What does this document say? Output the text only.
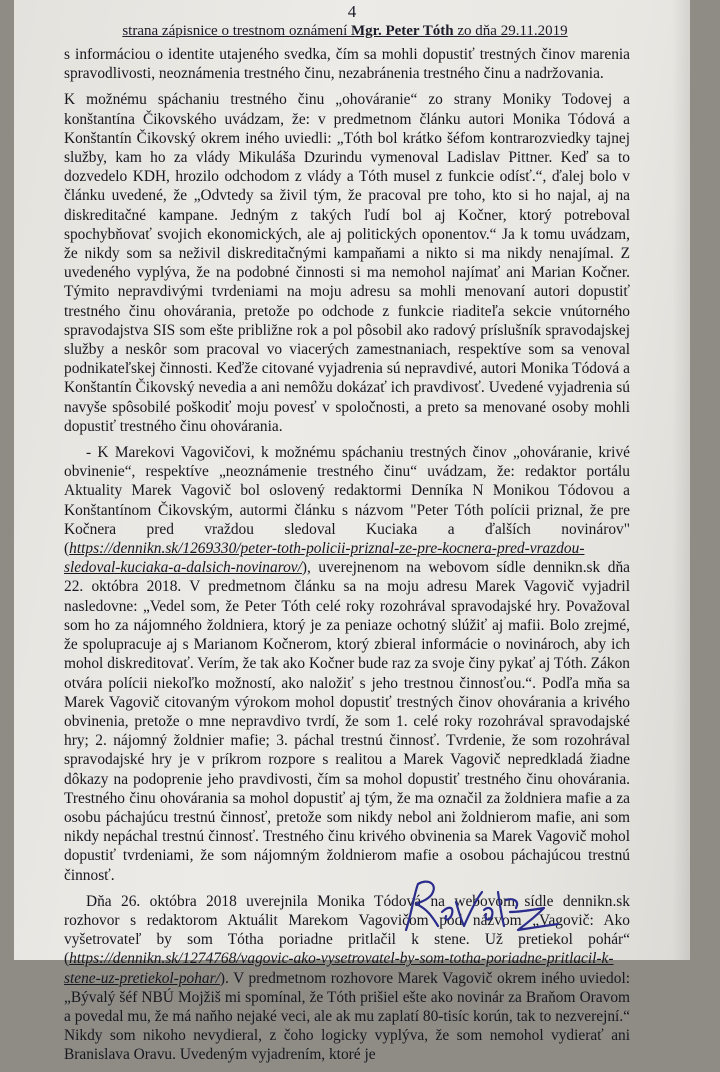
4
strana zápisnice o trestnom oznámení Mgr. Peter Tóth zo dňa 29.11.2019

s informáciou o identite utajeného svedka, čím sa mohli dopustiť trestných činov marenia spravodlivosti, neoznámenia trestného činu, nezabránenia trestného činu a nadržovania.

K možnému spáchaniu trestného činu „ohováranie“ zo strany Moniky Todovej a konštantína Čikovského uvádzam, že: v predmetnom článku autori Monika Tódová a Konštantín Čikovský okrem iného uviedli: „Tóth bol krátko šéfom kontrarozviedky tajnej služby, kam ho za vlády Mikuláša Dzurindu vymenoval Ladislav Pittner. Keď sa to dozvedelo KDH, hrozilo odchodom z vlády a Tóth musel z funkcie odísť.“, ďalej bolo v článku uvedené, že „Odvtedy sa živil tým, že pracoval pre toho, kto si ho najal, aj na diskreditačné kampane. Jedným z takých ľudí bol aj Kočner, ktorý potreboval spochybňovať svojich ekonomických, ale aj politických oponentov.“ Ja k tomu uvádzam, že nikdy som sa neživil diskreditačnými kampaňami a nikto si ma nikdy nenajímal. Z uvedeného vyplýva, že na podobné činnosti si ma nemohol najímať ani Marian Kočner. Týmito nepravdivými tvrdeniami na moju adresu sa mohli menovaní autori dopustiť trestného činu ohovárania, pretože po odchode z funkcie riaditeľa sekcie vnútorného spravodajstva SIS som ešte približne rok a pol pôsobil ako radový príslušník spravodajskej služby a neskôr som pracoval vo viacerých zamestnaniach, respektíve som sa venoval podnikateľskej činnosti. Keďže citované vyjadrenia sú nepravdivé, autori Monika Tódová a Konštantín Čikovský nevedia a ani nemôžu dokázať ich pravdivosť. Uvedené vyjadrenia sú navyše spôsobilé poškodiť moju povesť v spoločnosti, a preto sa menované osoby mohli dopustiť trestného činu ohovárania.

- K Marekovi Vagovičovi, k možnému spáchaniu trestných činov „ohováranie, krivé obvinenie“, respektíve „neoznámenie trestného činu“ uvádzam, že: redaktor portálu Aktuality Marek Vagovič bol oslovený redaktormi Denníka N Monikou Tódovou a Konštantínom Čikovským, autormi článku s názvom "Peter Tóth polícii priznal, že pre Kočnera pred vraždou sledoval Kuciaka a ďalších novinárov" (https://dennikn.sk/1269330/peter-toth-policii-priznal-ze-pre-kocnera-pred-vrazdou-sledoval-kuciaka-a-dalsich-novinarov/), uverejnenom na webovom sídle dennikn.sk dňa 22. októbra 2018. V predmetnom článku sa na moju adresu Marek Vagovič vyjadril nasledovne: „Vedel som, že Peter Tóth celé roky rozohrával spravodajské hry. Považoval som ho za nájomného žoldniera, ktorý je za peniaze ochotný slúžiť aj mafii. Bolo zrejmé, že spolupracuje aj s Marianom Kočnerom, ktorý zbieral informácie o novinároch, aby ich mohol diskreditovať. Verím, že tak ako Kočner bude raz za svoje činy pykať aj Tóth. Zákon otvára polícii niekoľko možností, ako naložiť s jeho trestnou činnosťou.“. Podľa mňa sa Marek Vagovič citovaným výrokom mohol dopustiť trestných činov ohovárania a krivého obvinenia, pretože o mne nepravdivo tvrdí, že som 1. celé roky rozohrával spravodajské hry; 2. nájomný žoldnier mafie; 3. páchal trestnú činnosť. Tvrdenie, že som rozohrával spravodajské hry je v príkrom rozpore s realitou a Marek Vagovič nepredkladá žiadne dôkazy na podoprenie jeho pravdivosti, čím sa mohol dopustiť trestného činu ohovárania. Trestného činu ohovárania sa mohol dopustiť aj tým, že ma označil za žoldniera mafie a za osobu páchajúcu trestnú činnosť, pretože som nikdy nebol ani žoldnierom mafie, ani som nikdy nepáchal trestnú činnosť. Trestného činu krivého obvinenia sa Marek Vagovič mohol dopustiť tvrdeniami, že som nájomným žoldnierom mafie a osobou páchajúcou trestnú činnosť.

Dňa 26. októbra 2018 uverejnila Monika Tódová na webovom sídle dennikn.sk rozhovor s redaktorom Aktuálit Marekom Vagovičom pod názvom „Vagovič: Ako vyšetrovateľ by som Tótha poriadne pritlačil k stene. Už pretiekol pohár“ (https://dennikn.sk/1274768/vagovic-ako-vysetrovatel-by-som-totha-poriadne-pritlacil-k-stene-uz-pretiekol-pohar/). V predmetnom rozhovore Marek Vagovič okrem iného uviedol: „Bývalý šéf NBÚ Mojžiš mi spomínal, že Tóth prišiel ešte ako novinár za Braňom Oravom a povedal mu, že má naňho nejaké veci, ale ak mu zaplatí 80-tisíc korún, tak to nezverejní.“ Nikdy som nikoho nevydieral, z čoho logicky vyplýva, že som nemohol vydierať ani Branislava Oravu. Uvedeným vyjadrením, ktoré je
